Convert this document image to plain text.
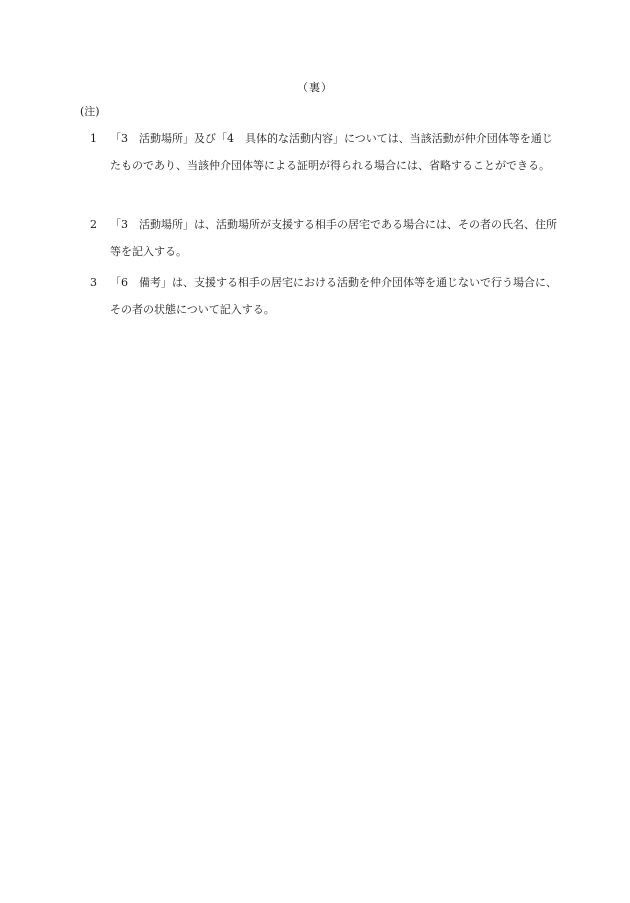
（裏）
(注)
1	「3　活動場所」及び「4　具体的な活動内容」については、当該活動が仲介団体等を通じたものであり、当該仲介団体等による証明が得られる場合には、省略することができる。
2	「3　活動場所」は、活動場所が支援する相手の居宅である場合には、その者の氏名、住所等を記入する。
3	「6　備考」は、支援する相手の居宅における活動を仲介団体等を通じないで行う場合に、その者の状態について記入する。
